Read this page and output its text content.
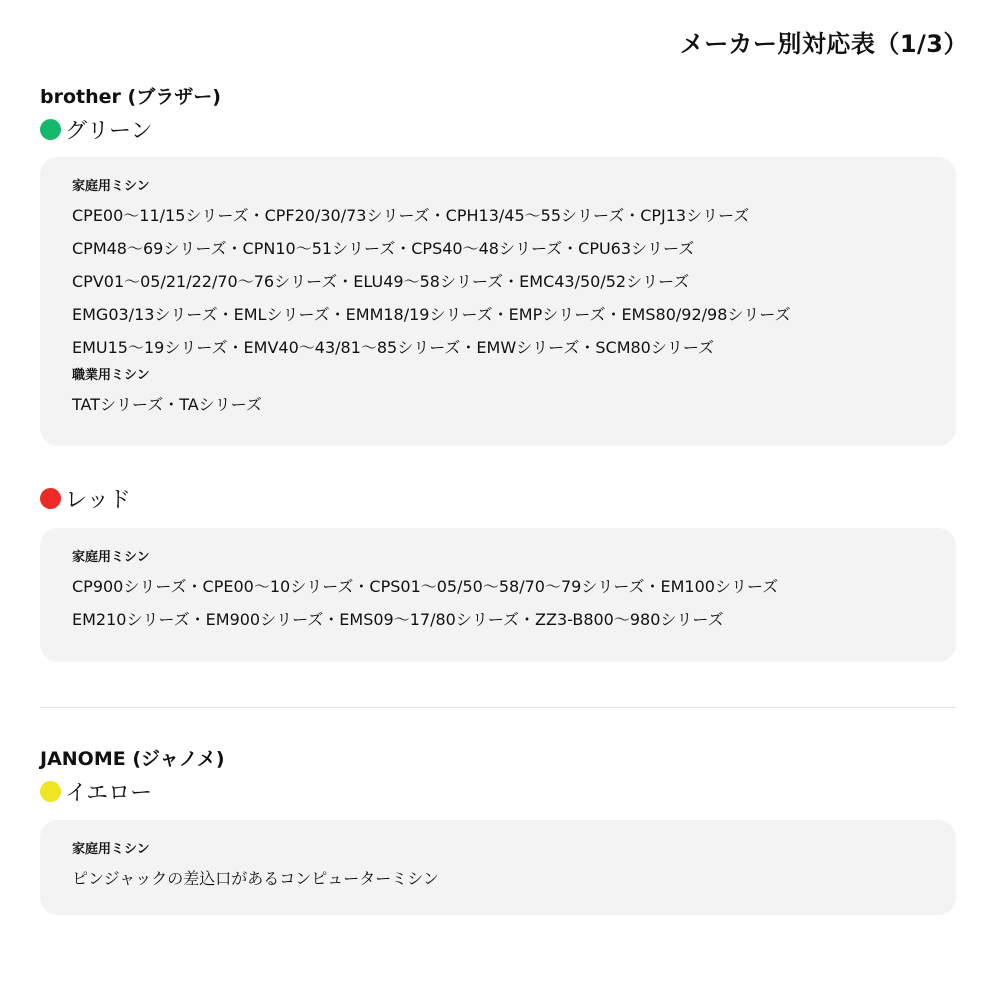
メーカー別対応表（1/3）
brother (ブラザー)
グリーン
家庭用ミシン
CPE00〜11/15シリーズ・CPF20/30/73シリーズ・CPH13/45〜55シリーズ・CPJ13シリーズ
CPM48〜69シリーズ・CPN10〜51シリーズ・CPS40〜48シリーズ・CPU63シリーズ
CPV01〜05/21/22/70〜76シリーズ・ELU49〜58シリーズ・EMC43/50/52シリーズ
EMG03/13シリーズ・EMLシリーズ・EMM18/19シリーズ・EMPシリーズ・EMS80/92/98シリーズ
EMU15〜19シリーズ・EMV40〜43/81〜85シリーズ・EMWシリーズ・SCM80シリーズ
職業用ミシン
TATシリーズ・TAシリーズ
レッド
家庭用ミシン
CP900シリーズ・CPE00〜10シリーズ・CPS01〜05/50〜58/70〜79シリーズ・EM100シリーズ
EM210シリーズ・EM900シリーズ・EMS09〜17/80シリーズ・ZZ3-B800〜980シリーズ
JANOME (ジャノメ)
イエロー
家庭用ミシン
ピンジャックの差込口があるコンピューターミシン
